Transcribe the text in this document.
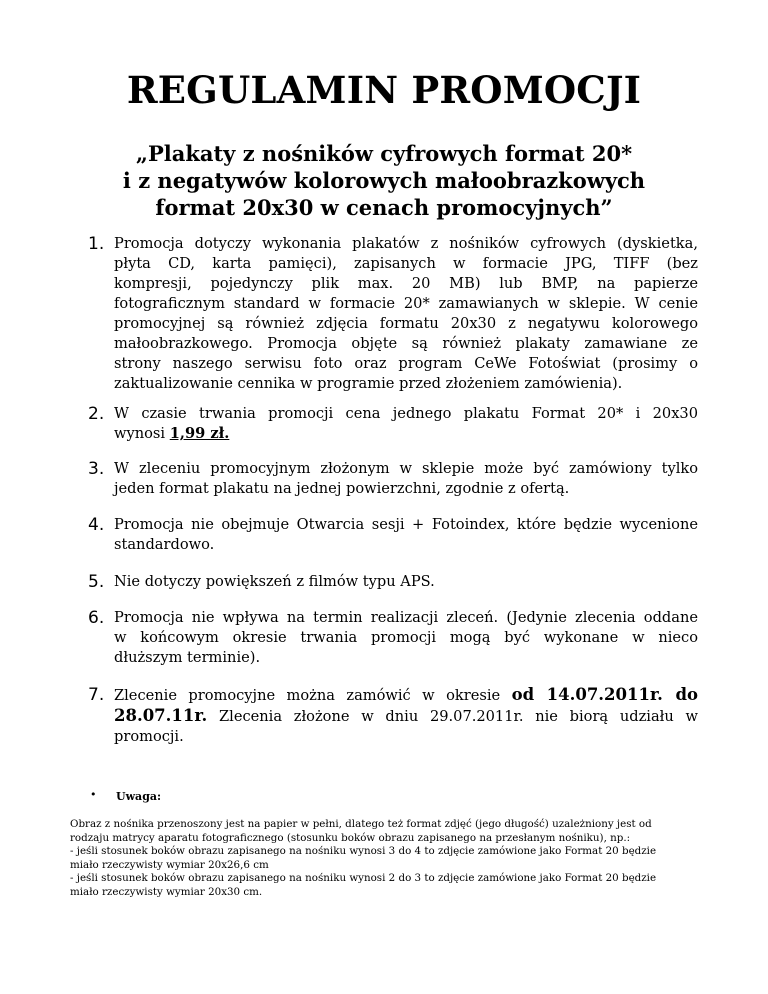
REGULAMIN PROMOCJI
„Plakaty z nośników cyfrowych format 20*
i z negatywów kolorowych małoobrazkowych
format 20x30 w cenach promocyjnych”
1. Promocja dotyczy wykonania plakatów z nośników cyfrowych (dyskietka,
płyta CD, karta pamięci), zapisanych w formacie JPG, TIFF (bez
kompresji, pojedynczy plik max. 20 MB) lub BMP, na papierze
fotograficznym standard w formacie 20* zamawianych w sklepie. W cenie
promocyjnej są również zdjęcia formatu 20x30 z negatywu kolorowego
małoobrazkowego. Promocja objęte są również plakaty zamawiane ze
strony naszego serwisu foto oraz program CeWe Fotoświat (prosimy o
zaktualizowanie cennika w programie przed złożeniem zamówienia).
2. W czasie trwania promocji cena jednego plakatu Format 20* i 20x30
wynosi 1,99 zł.
3. W zleceniu promocyjnym złożonym w sklepie może być zamówiony tylko
jeden format plakatu na jednej powierzchni, zgodnie z ofertą.
4. Promocja nie obejmuje Otwarcia sesji + Fotoindex, które będzie wycenione
standardowo.
5. Nie dotyczy powiększeń z filmów typu APS.
6. Promocja nie wpływa na termin realizacji zleceń. (Jedynie zlecenia oddane
w końcowym okresie trwania promocji mogą być wykonane w nieco
dłuższym terminie).
7. Zlecenie promocyjne można zamówić w okresie od 14.07.2011r. do
28.07.11r. Zlecenia złożone w dniu 29.07.2011r. nie biorą udziału w
promocji.
• Uwaga:
Obraz z nośnika przenoszony jest na papier w pełni, dlatego też format zdjęć (jego długość) uzależniony jest od
rodzaju matrycy aparatu fotograficznego (stosunku boków obrazu zapisanego na przesłanym nośniku), np.:
- jeśli stosunek boków obrazu zapisanego na nośniku wynosi 3 do 4 to zdjęcie zamówione jako Format 20 będzie
miało rzeczywisty wymiar 20x26,6 cm
- jeśli stosunek boków obrazu zapisanego na nośniku wynosi 2 do 3 to zdjęcie zamówione jako Format 20 będzie
miało rzeczywisty wymiar 20x30 cm.
